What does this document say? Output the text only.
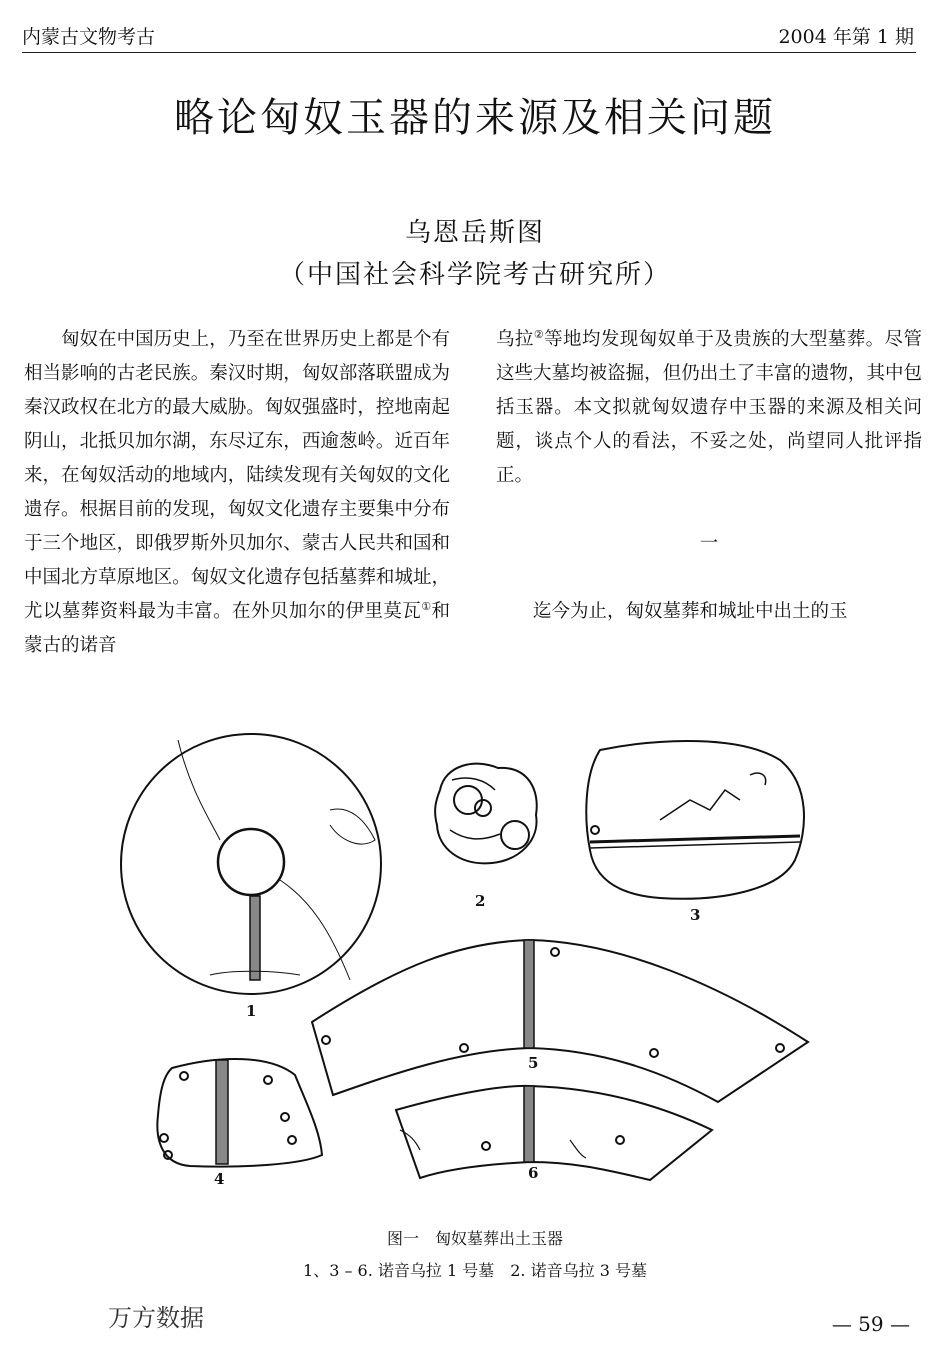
内蒙古文物考古	2004 年第 1 期
略论匈奴玉器的来源及相关问题
乌恩岳斯图
（中国社会科学院考古研究所）

匈奴在中国历史上，乃至在世界历史上都是个有相当影响的古老民族。秦汉时期，匈奴部落联盟成为秦汉政权在北方的最大威胁。匈奴强盛时，控地南起阴山，北抵贝加尔湖，东尽辽东，西逾葱岭。近百年来，在匈奴活动的地域内，陆续发现有关匈奴的文化遗存。根据目前的发现，匈奴文化遗存主要集中分布于三个地区，即俄罗斯外贝加尔、蒙古人民共和国和中国北方草原地区。匈奴文化遗存包括墓葬和城址，尤以墓葬资料最为丰富。在外贝加尔的伊里莫瓦①和蒙古的诺音

乌拉②等地均发现匈奴单于及贵族的大型墓葬。尽管这些大墓均被盗掘，但仍出土了丰富的遗物，其中包括玉器。本文拟就匈奴遗存中玉器的来源及相关问题，谈点个人的看法，不妥之处，尚望同人批评指正。

一

迄今为止，匈奴墓葬和城址中出土的玉

1
2
3
4
5
6
图一　匈奴墓葬出土玉器
1、3 – 6. 诺音乌拉 1 号墓　2. 诺音乌拉 3 号墓
万方数据	— 59 —
